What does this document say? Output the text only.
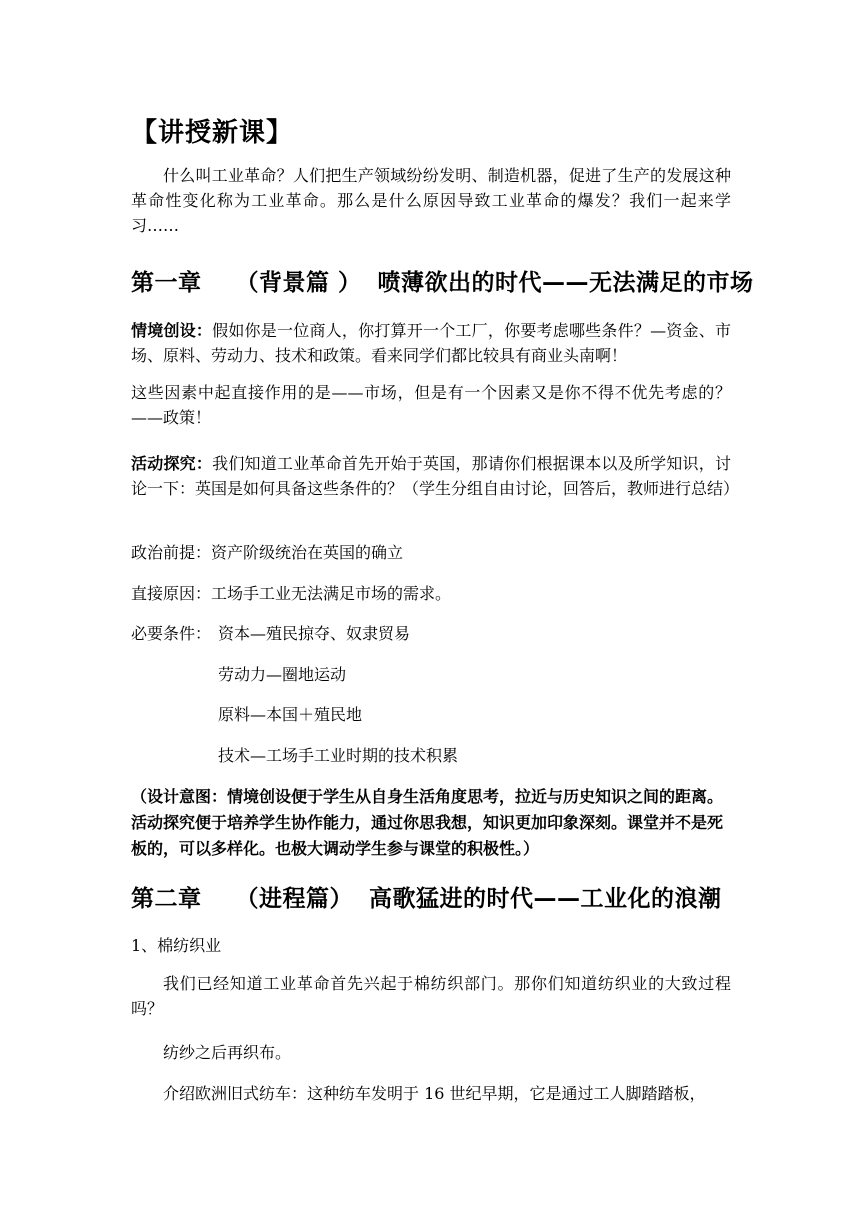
【讲授新课】
什么叫工业革命？人们把生产领域纷纷发明、制造机器，促进了生产的发展这种革命性变化称为工业革命。那么是什么原因导致工业革命的爆发？我们一起来学习……
第一章 （背景篇 ） 喷薄欲出的时代——无法满足的市场
情境创设：假如你是一位商人，你打算开一个工厂，你要考虑哪些条件？—资金、市场、原料、劳动力、技术和政策。看来同学们都比较具有商业头南啊！
这些因素中起直接作用的是——市场，但是有一个因素又是你不得不优先考虑的？——政策！
活动探究：我们知道工业革命首先开始于英国，那请你们根据课本以及所学知识，讨论一下：英国是如何具备这些条件的？（学生分组自由讨论，回答后，教师进行总结）
政治前提：资产阶级统治在英国的确立
直接原因：工场手工业无法满足市场的需求。
必要条件： 资本—殖民掠夺、奴隶贸易
劳动力—圈地运动
原料—本国＋殖民地
技术—工场手工业时期的技术积累
（设计意图：情境创设便于学生从自身生活角度思考，拉近与历史知识之间的距离。活动探究便于培养学生协作能力，通过你思我想，知识更加印象深刻。课堂并不是死板的，可以多样化。也极大调动学生参与课堂的积极性。）
第二章 （进程篇） 高歌猛进的时代——工业化的浪潮
1、棉纺织业
我们已经知道工业革命首先兴起于棉纺织部门。那你们知道纺织业的大致过程吗？
纺纱之后再织布。
介绍欧洲旧式纺车：这种纺车发明于 16 世纪早期，它是通过工人脚踏踏板，
